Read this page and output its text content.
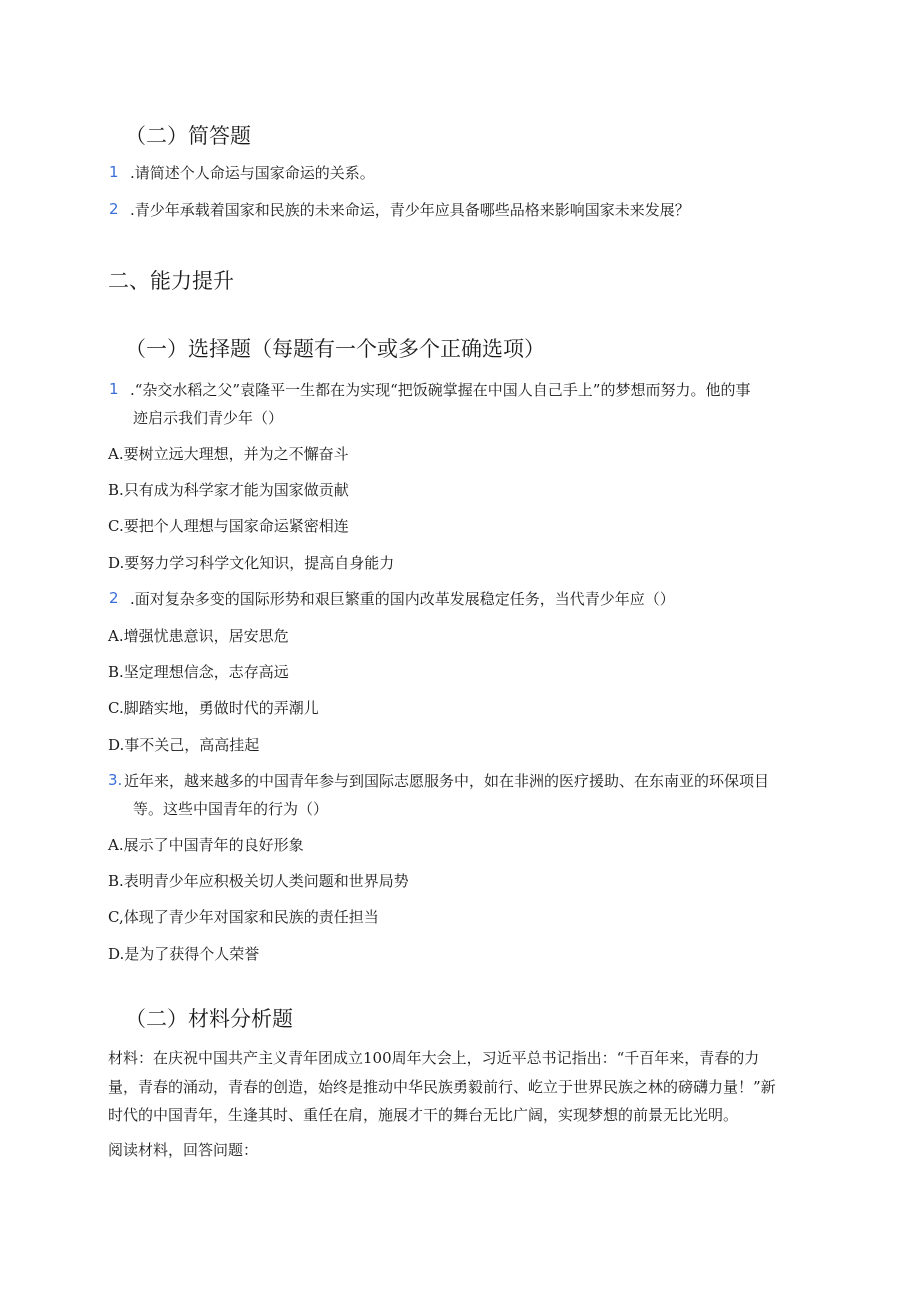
（二）简答题
1 .请简述个人命运与国家命运的关系。
2 .青少年承载着国家和民族的未来命运，青少年应具备哪些品格来影响国家未来发展？
二、能力提升
（一）选择题（每题有一个或多个正确选项）
1 .“杂交水稻之父”袁隆平一生都在为实现“把饭碗掌握在中国人自己手上”的梦想而努力。他的事
迹启示我们青少年（）
A.要树立远大理想，并为之不懈奋斗
B.只有成为科学家才能为国家做贡献
C.要把个人理想与国家命运紧密相连
D.要努力学习科学文化知识，提高自身能力
2 .面对复杂多变的国际形势和艰巨繁重的国内改革发展稳定任务，当代青少年应（）
A.增强忧患意识，居安思危
B.坚定理想信念，志存高远
C.脚踏实地，勇做时代的弄潮儿
D.事不关己，高高挂起
3. 近年来，越来越多的中国青年参与到国际志愿服务中，如在非洲的医疗援助、在东南亚的环保项目
等。这些中国青年的行为（）
A.展示了中国青年的良好形象
B.表明青少年应积极关切人类问题和世界局势
C,体现了青少年对国家和民族的责任担当
D.是为了获得个人荣誉
（二）材料分析题
材料：在庆祝中国共产主义青年团成立100周年大会上，习近平总书记指出：“千百年来，青春的力
量，青春的涌动，青春的创造，始终是推动中华民族勇毅前行、屹立于世界民族之林的磅礴力量！”新
时代的中国青年，生逢其时、重任在肩，施展才干的舞台无比广阔，实现梦想的前景无比光明。
阅读材料，回答问题：
